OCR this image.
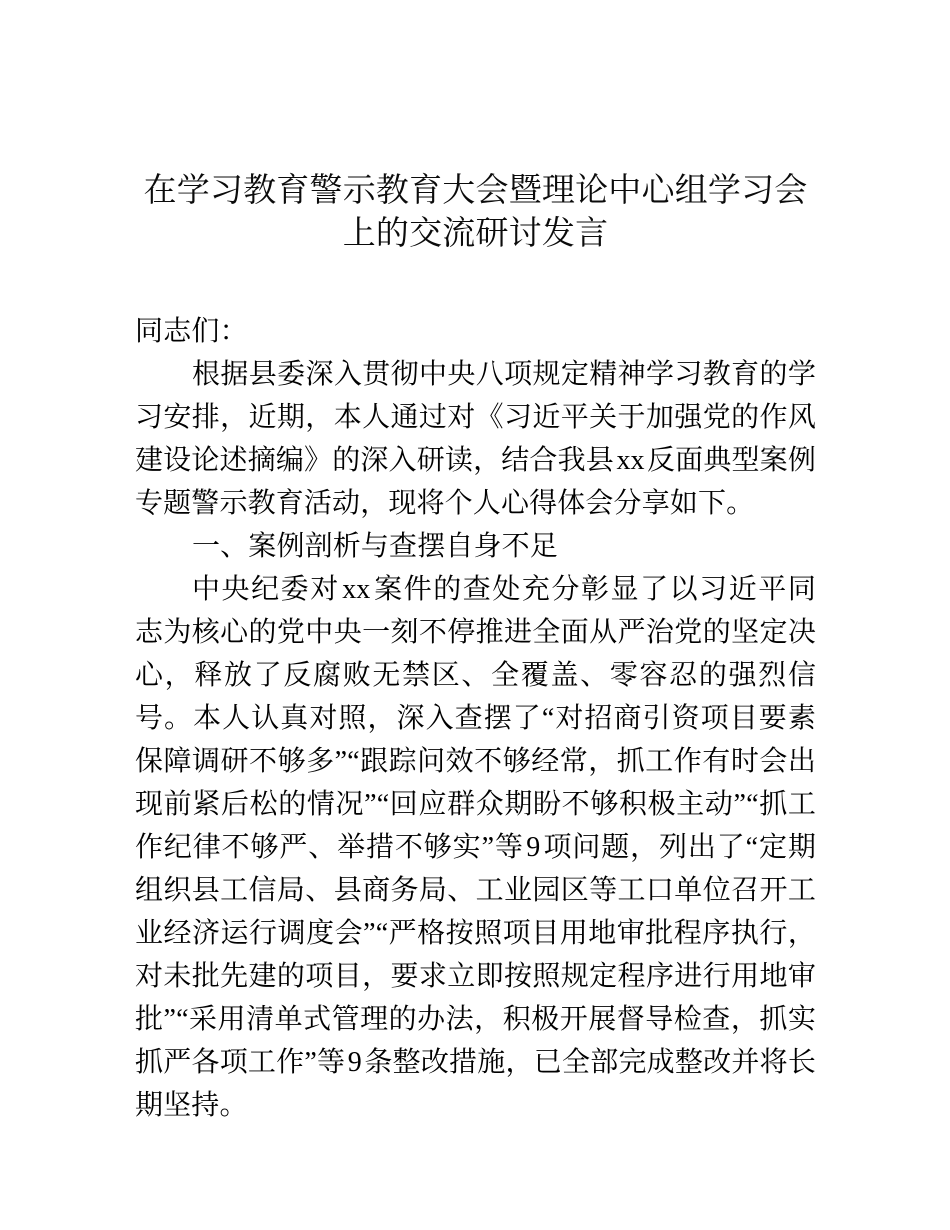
在学习教育警示教育大会暨理论中心组学习会上的交流研讨发言

同志们：

根据县委深入贯彻中央八项规定精神学习教育的学习安排，近期，本人通过对《习近平关于加强党的作风建设论述摘编》的深入研读，结合我县xx反面典型案例专题警示教育活动，现将个人心得体会分享如下。

一、案例剖析与查摆自身不足

中央纪委对xx案件的查处充分彰显了以习近平同志为核心的党中央一刻不停推进全面从严治党的坚定决心，释放了反腐败无禁区、全覆盖、零容忍的强烈信号。本人认真对照，深入查摆了“对招商引资项目要素保障调研不够多”“跟踪问效不够经常，抓工作有时会出现前紧后松的情况”“回应群众期盼不够积极主动”“抓工作纪律不够严、举措不够实”等9项问题，列出了“定期组织县工信局、县商务局、工业园区等工口单位召开工业经济运行调度会”“严格按照项目用地审批程序执行，对未批先建的项目，要求立即按照规定程序进行用地审批”“采用清单式管理的办法，积极开展督导检查，抓实抓严各项工作”等9条整改措施，已全部完成整改并将长期坚持。
